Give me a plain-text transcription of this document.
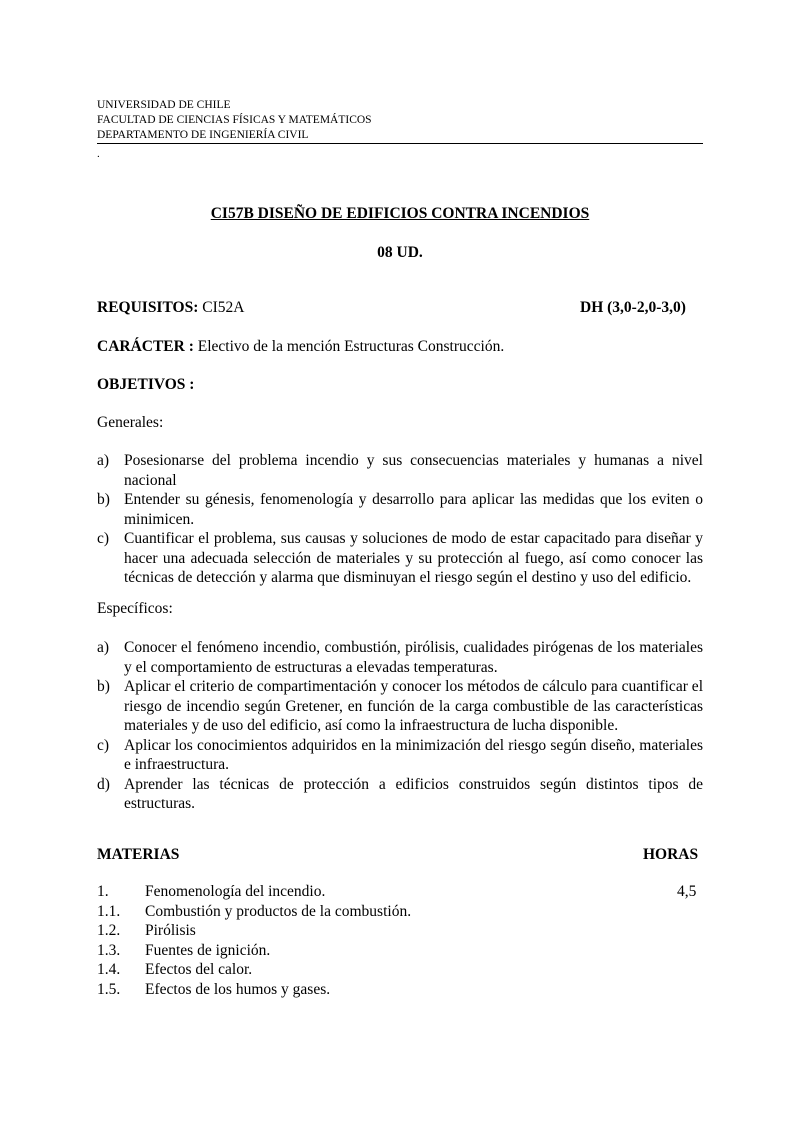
UNIVERSIDAD DE CHILE
FACULTAD DE CIENCIAS FÍSICAS Y MATEMÁTICOS
DEPARTAMENTO DE INGENIERÍA CIVIL
.
CI57B DISEÑO DE EDIFICIOS CONTRA INCENDIOS
08 UD.
REQUISITOS: CI52A	DH (3,0-2,0-3,0)
CARÁCTER : Electivo de la mención Estructuras Construcción.
OBJETIVOS :
Generales:
a) Posesionarse del problema incendio y sus consecuencias materiales y humanas a nivel nacional
b) Entender su génesis, fenomenología y desarrollo para aplicar las medidas que los eviten o minimicen.
c) Cuantificar el problema, sus causas y soluciones de modo de estar capacitado para diseñar y hacer una adecuada selección de materiales y su protección al fuego, así como conocer las técnicas de detección y alarma que disminuyan el riesgo según el destino y uso del edificio.
Específicos:
a) Conocer el fenómeno incendio, combustión, pirólisis, cualidades pirógenas de los materiales y el comportamiento de estructuras a elevadas temperaturas.
b) Aplicar el criterio de compartimentación y conocer los métodos de cálculo para cuantificar el riesgo de incendio según Gretener, en función de la carga combustible de las características materiales y de uso del edificio, así como la infraestructura de lucha disponible.
c) Aplicar los conocimientos adquiridos en la minimización del riesgo según diseño, materiales e infraestructura.
d) Aprender las técnicas de protección a edificios construidos según distintos tipos de estructuras.
MATERIAS	HORAS
1. Fenomenología del incendio.	4,5
1.1. Combustión y productos de la combustión.
1.2. Pirólisis
1.3. Fuentes de ignición.
1.4. Efectos del calor.
1.5. Efectos de los humos y gases.
